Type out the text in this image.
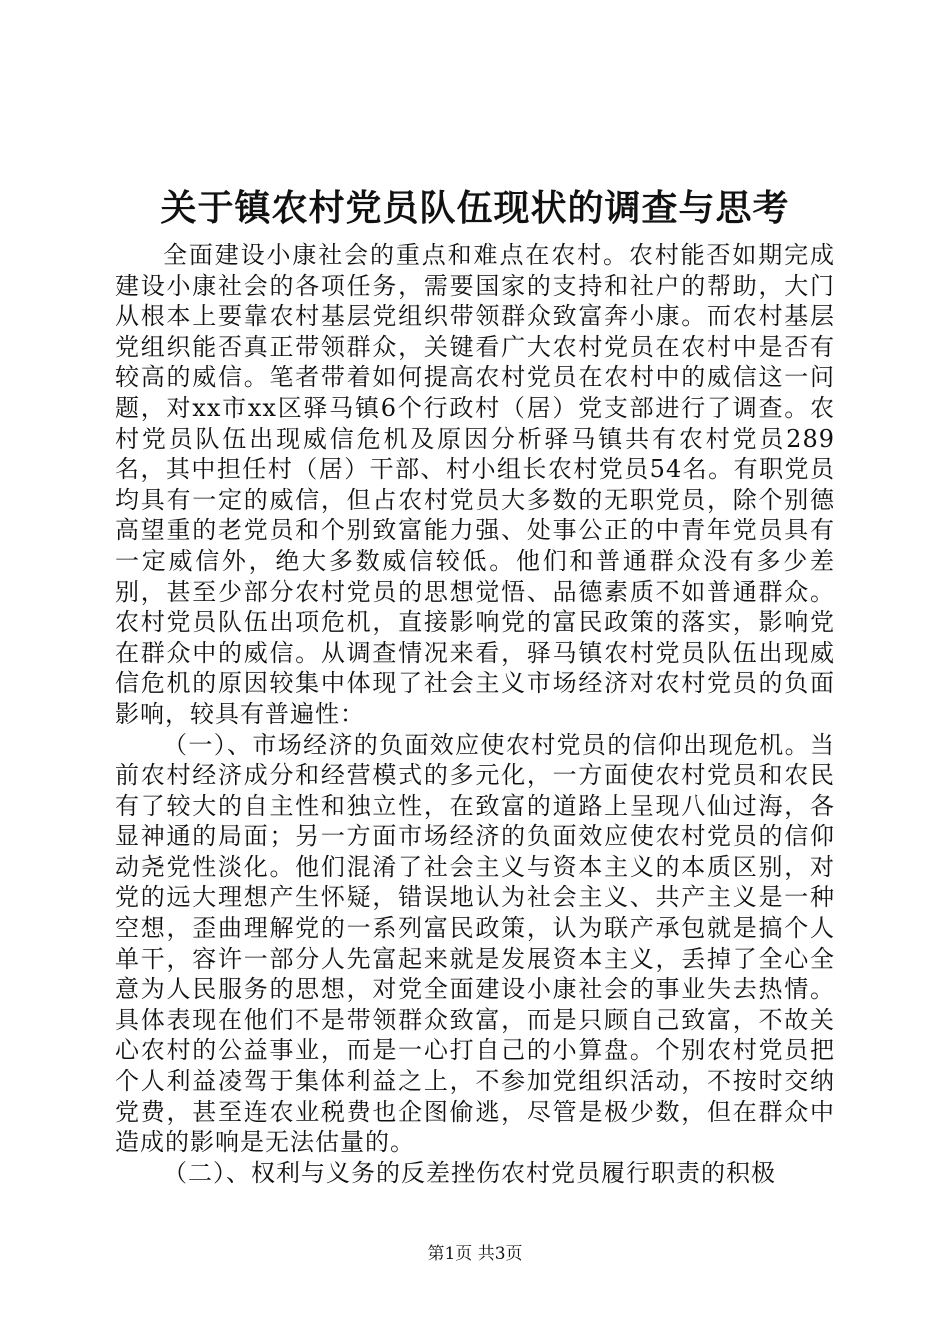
关于镇农村党员队伍现状的调查与思考

全面建设小康社会的重点和难点在农村。农村能否如期完成建设小康社会的各项任务，需要国家的支持和社户的帮助，大门从根本上要靠农村基层党组织带领群众致富奔小康。而农村基层党组织能否真正带领群众，关键看广大农村党员在农村中是否有较高的威信。笔者带着如何提高农村党员在农村中的威信这一问题，对xx市xx区驿马镇6个行政村（居）党支部进行了调查。农村党员队伍出现威信危机及原因分析驿马镇共有农村党员289名，其中担任村（居）干部、村小组长农村党员54名。有职党员均具有一定的威信，但占农村党员大多数的无职党员，除个别德高望重的老党员和个别致富能力强、处事公正的中青年党员具有一定威信外，绝大多数威信较低。他们和普通群众没有多少差别，甚至少部分农村党员的思想觉悟、品德素质不如普通群众。农村党员队伍出项危机，直接影响党的富民政策的落实，影响党在群众中的威信。从调查情况来看，驿马镇农村党员队伍出现威信危机的原因较集中体现了社会主义市场经济对农村党员的负面影响，较具有普遍性：

（一）、市场经济的负面效应使农村党员的信仰出现危机。当前农村经济成分和经营模式的多元化，一方面使农村党员和农民有了较大的自主性和独立性，在致富的道路上呈现八仙过海，各显神通的局面；另一方面市场经济的负面效应使农村党员的信仰动尧党性淡化。他们混淆了社会主义与资本主义的本质区别，对党的远大理想产生怀疑，错误地认为社会主义、共产主义是一种空想，歪曲理解党的一系列富民政策，认为联产承包就是搞个人单干，容许一部分人先富起来就是发展资本主义，丢掉了全心全意为人民服务的思想，对党全面建设小康社会的事业失去热情。具体表现在他们不是带领群众致富，而是只顾自己致富，不故关心农村的公益事业，而是一心打自己的小算盘。个别农村党员把个人利益凌驾于集体利益之上，不参加党组织活动，不按时交纳党费，甚至连农业税费也企图偷逃，尽管是极少数，但在群众中造成的影响是无法估量的。

（二）、权利与义务的反差挫伤农村党员履行职责的积极

第1页 共3页
